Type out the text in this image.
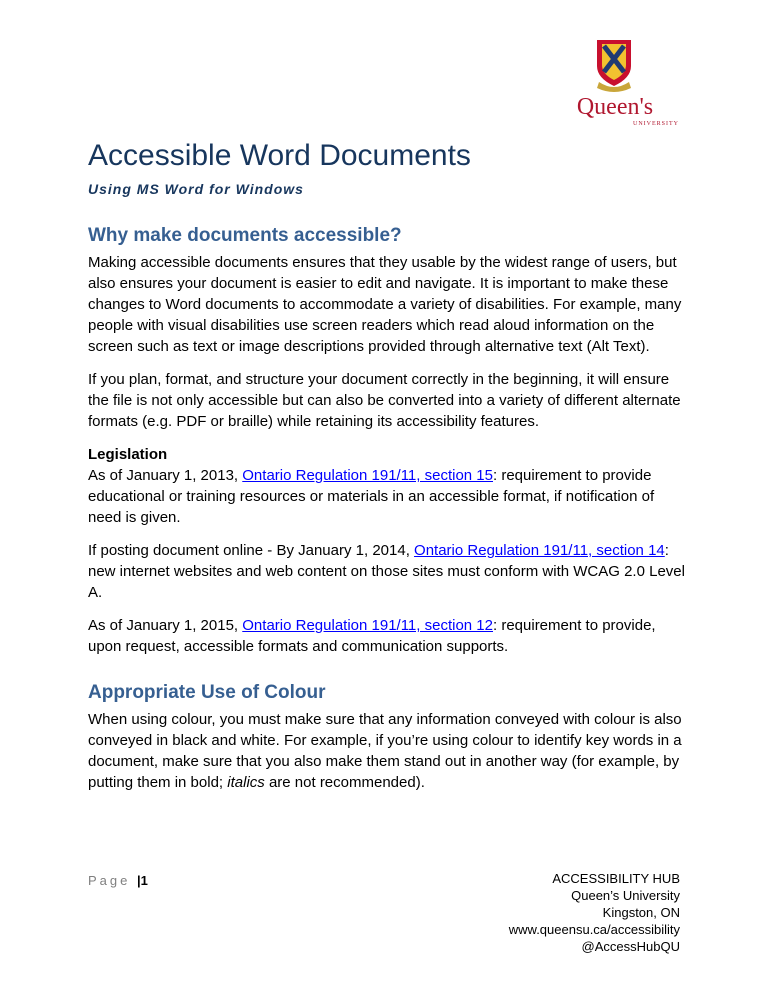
Queen's
UNIVERSITY
Accessible Word Documents
Using MS Word for Windows
Why make documents accessible?

Making accessible documents ensures that they usable by the widest range of users, but also ensures your document is easier to edit and navigate. It is important to make these changes to Word documents to accommodate a variety of disabilities. For example, many people with visual disabilities use screen readers which read aloud information on the screen such as text or image descriptions provided through alternative text (Alt Text).

If you plan, format, and structure your document correctly in the beginning, it will ensure the file is not only accessible but can also be converted into a variety of different alternate formats (e.g. PDF or braille) while retaining its accessibility features.

Legislation

As of January 1, 2013, Ontario Regulation 191/11, section 15: requirement to provide educational or training resources or materials in an accessible format, if notification of need is given.

If posting document online - By January 1, 2014, Ontario Regulation 191/11, section 14: new internet websites and web content on those sites must conform with WCAG 2.0 Level A.

As of January 1, 2015, Ontario Regulation 191/11, section 12: requirement to provide, upon request, accessible formats and communication supports.

Appropriate Use of Colour

When using colour, you must make sure that any information conveyed with colour is also conveyed in black and white. For example, if you’re using colour to identify key words in a document, make sure that you also make them stand out in another way (for example, by putting them in bold; italics are not recommended).

Page |1	ACCESSIBILITY HUB
Queen’s University
Kingston, ON
www.queensu.ca/accessibility
@AccessHubQU
